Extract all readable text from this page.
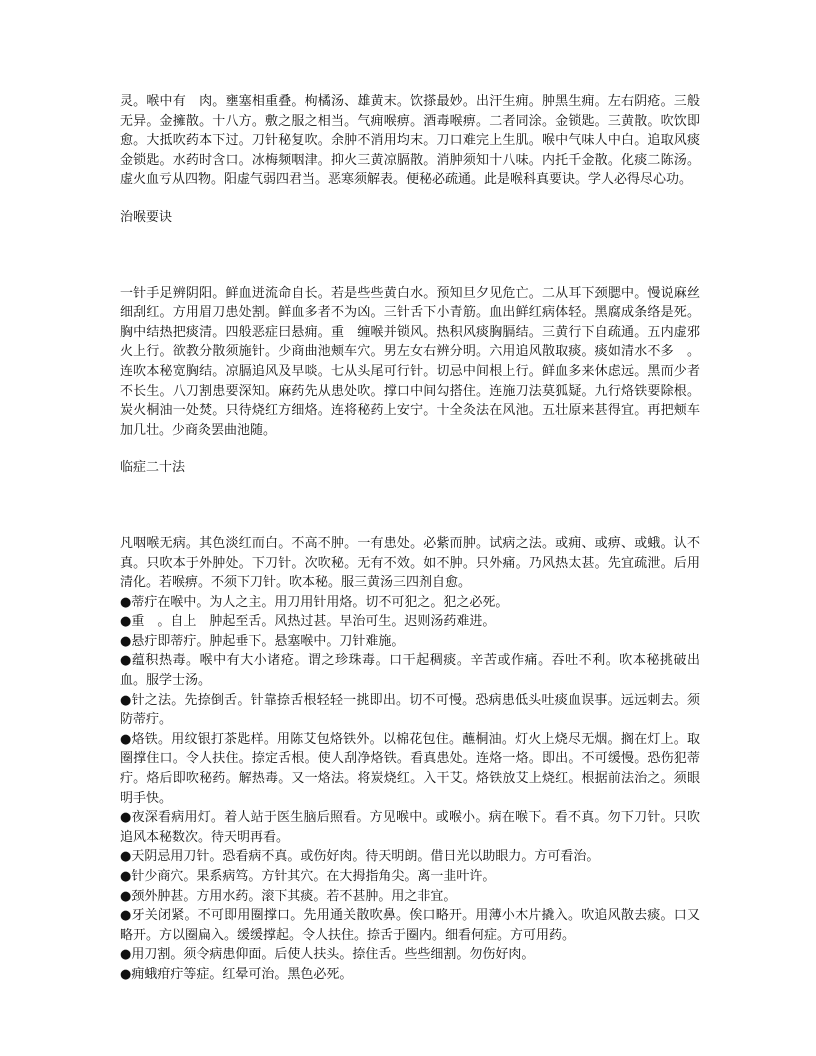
灵。喉中有　肉。壅塞相重叠。枸橘汤、雄黄末。饮搽最妙。出汗生痈。肿黑生痈。左右阴疮。三般无异。金擁散。十八方。敷之服之相当。气痈喉痹。酒毒喉痹。二者同涂。金锁匙。三黄散。吹饮即愈。大抵吹药本下过。刀针秘复吹。余肿不消用均末。刀口难完上生肌。喉中气味人中白。追取风痰金锁匙。水药时含口。冰梅频咽津。抑火三黄凉膈散。消肿须知十八味。内托千金散。化痰二陈汤。虚火血亏从四物。阳虚气弱四君当。恶寒须解表。便秘必疏通。此是喉科真要诀。学人必得尽心功。

治喉要诀

一针手足辨阴阳。鲜血迸流命自长。若是些些黄白水。预知旦夕见危亡。二从耳下颈腮中。慢说麻丝细刮红。方用眉刀患处割。鲜血多者不为凶。三针舌下小青筋。血出鲜红病体轻。黑腐成条络是死。胸中结热把痰清。四般恶症曰悬痈。重　缠喉并锁风。热积风痰胸膈结。三黄行下自疏通。五内虚邪火上行。欲教分散须施针。少商曲池颊车穴。男左女右辨分明。六用追风散取痰。痰如清水不多　。连吹本秘宽胸结。凉膈追风及早啖。七从头尾可行针。切忌中间根上行。鲜血多来休虑远。黑而少者不长生。八刀割患要深知。麻药先从患处吹。撑口中间勾搭住。连施刀法莫狐疑。九行烙铁要除根。炭火桐油一处焚。只待烧红方细烙。连将秘药上安宁。十全灸法在风池。五壮原来甚得宜。再把颊车加几壮。少商灸罢曲池随。

临症二十法

凡咽喉无病。其色淡红而白。不高不肿。一有患处。必紫而肿。试病之法。或痈、或痹、或蛾。认不真。只吹本于外肿处。下刀针。次吹秘。无有不效。如不肿。只外痛。乃风热太甚。先宜疏泄。后用清化。若喉痹。不须下刀针。吹本秘。服三黄汤三四剂自愈。

●蒂疔在喉中。为人之主。用刀用针用烙。切不可犯之。犯之必死。
●重　。自上　肿起至舌。风热过甚。早治可生。迟则汤药难进。
●悬疔即蒂疔。肿起垂下。悬塞喉中。刀针难施。
●蕴积热毒。喉中有大小诸疮。谓之珍珠毒。口干起稠痰。辛苦或作痛。吞吐不利。吹本秘挑破出血。服学士汤。
●针之法。先捺倒舌。针靠捺舌根轻轻一挑即出。切不可慢。恐病患低头吐痰血误事。远远刺去。须防蒂疔。
●烙铁。用纹银打茶匙样。用陈艾包烙铁外。以棉花包住。蘸桐油。灯火上烧尽无烟。搁在灯上。取圈撑住口。令人扶住。捺定舌根。使人刮净烙铁。看真患处。连烙一烙。即出。不可缓慢。恐伤犯蒂疔。烙后即吹秘药。解热毒。又一烙法。将炭烧红。入干艾。烙铁放艾上烧红。根据前法治之。须眼明手快。
●夜深看病用灯。着人站于医生脑后照看。方见喉中。或喉小。病在喉下。看不真。勿下刀针。只吹追风本秘数次。待天明再看。
●天阴忌用刀针。恐看病不真。或伤好肉。待天明朗。借日光以助眼力。方可看治。
●针少商穴。果系病笃。方针其穴。在大拇指角尖。离一韭叶许。
●颈外肿甚。方用水药。滚下其痰。若不甚肿。用之非宜。
●牙关闭紧。不可即用圈撑口。先用通关散吹鼻。俟口略开。用薄小木片撬入。吹追风散去痰。口又略开。方以圈扁入。缓缓撑起。令人扶住。捺舌于圈内。细看何症。方可用药。
●用刀割。须令病患仰面。后使人扶头。捺住舌。些些细割。勿伤好肉。
●痈蛾疳疔等症。红晕可治。黑色必死。
